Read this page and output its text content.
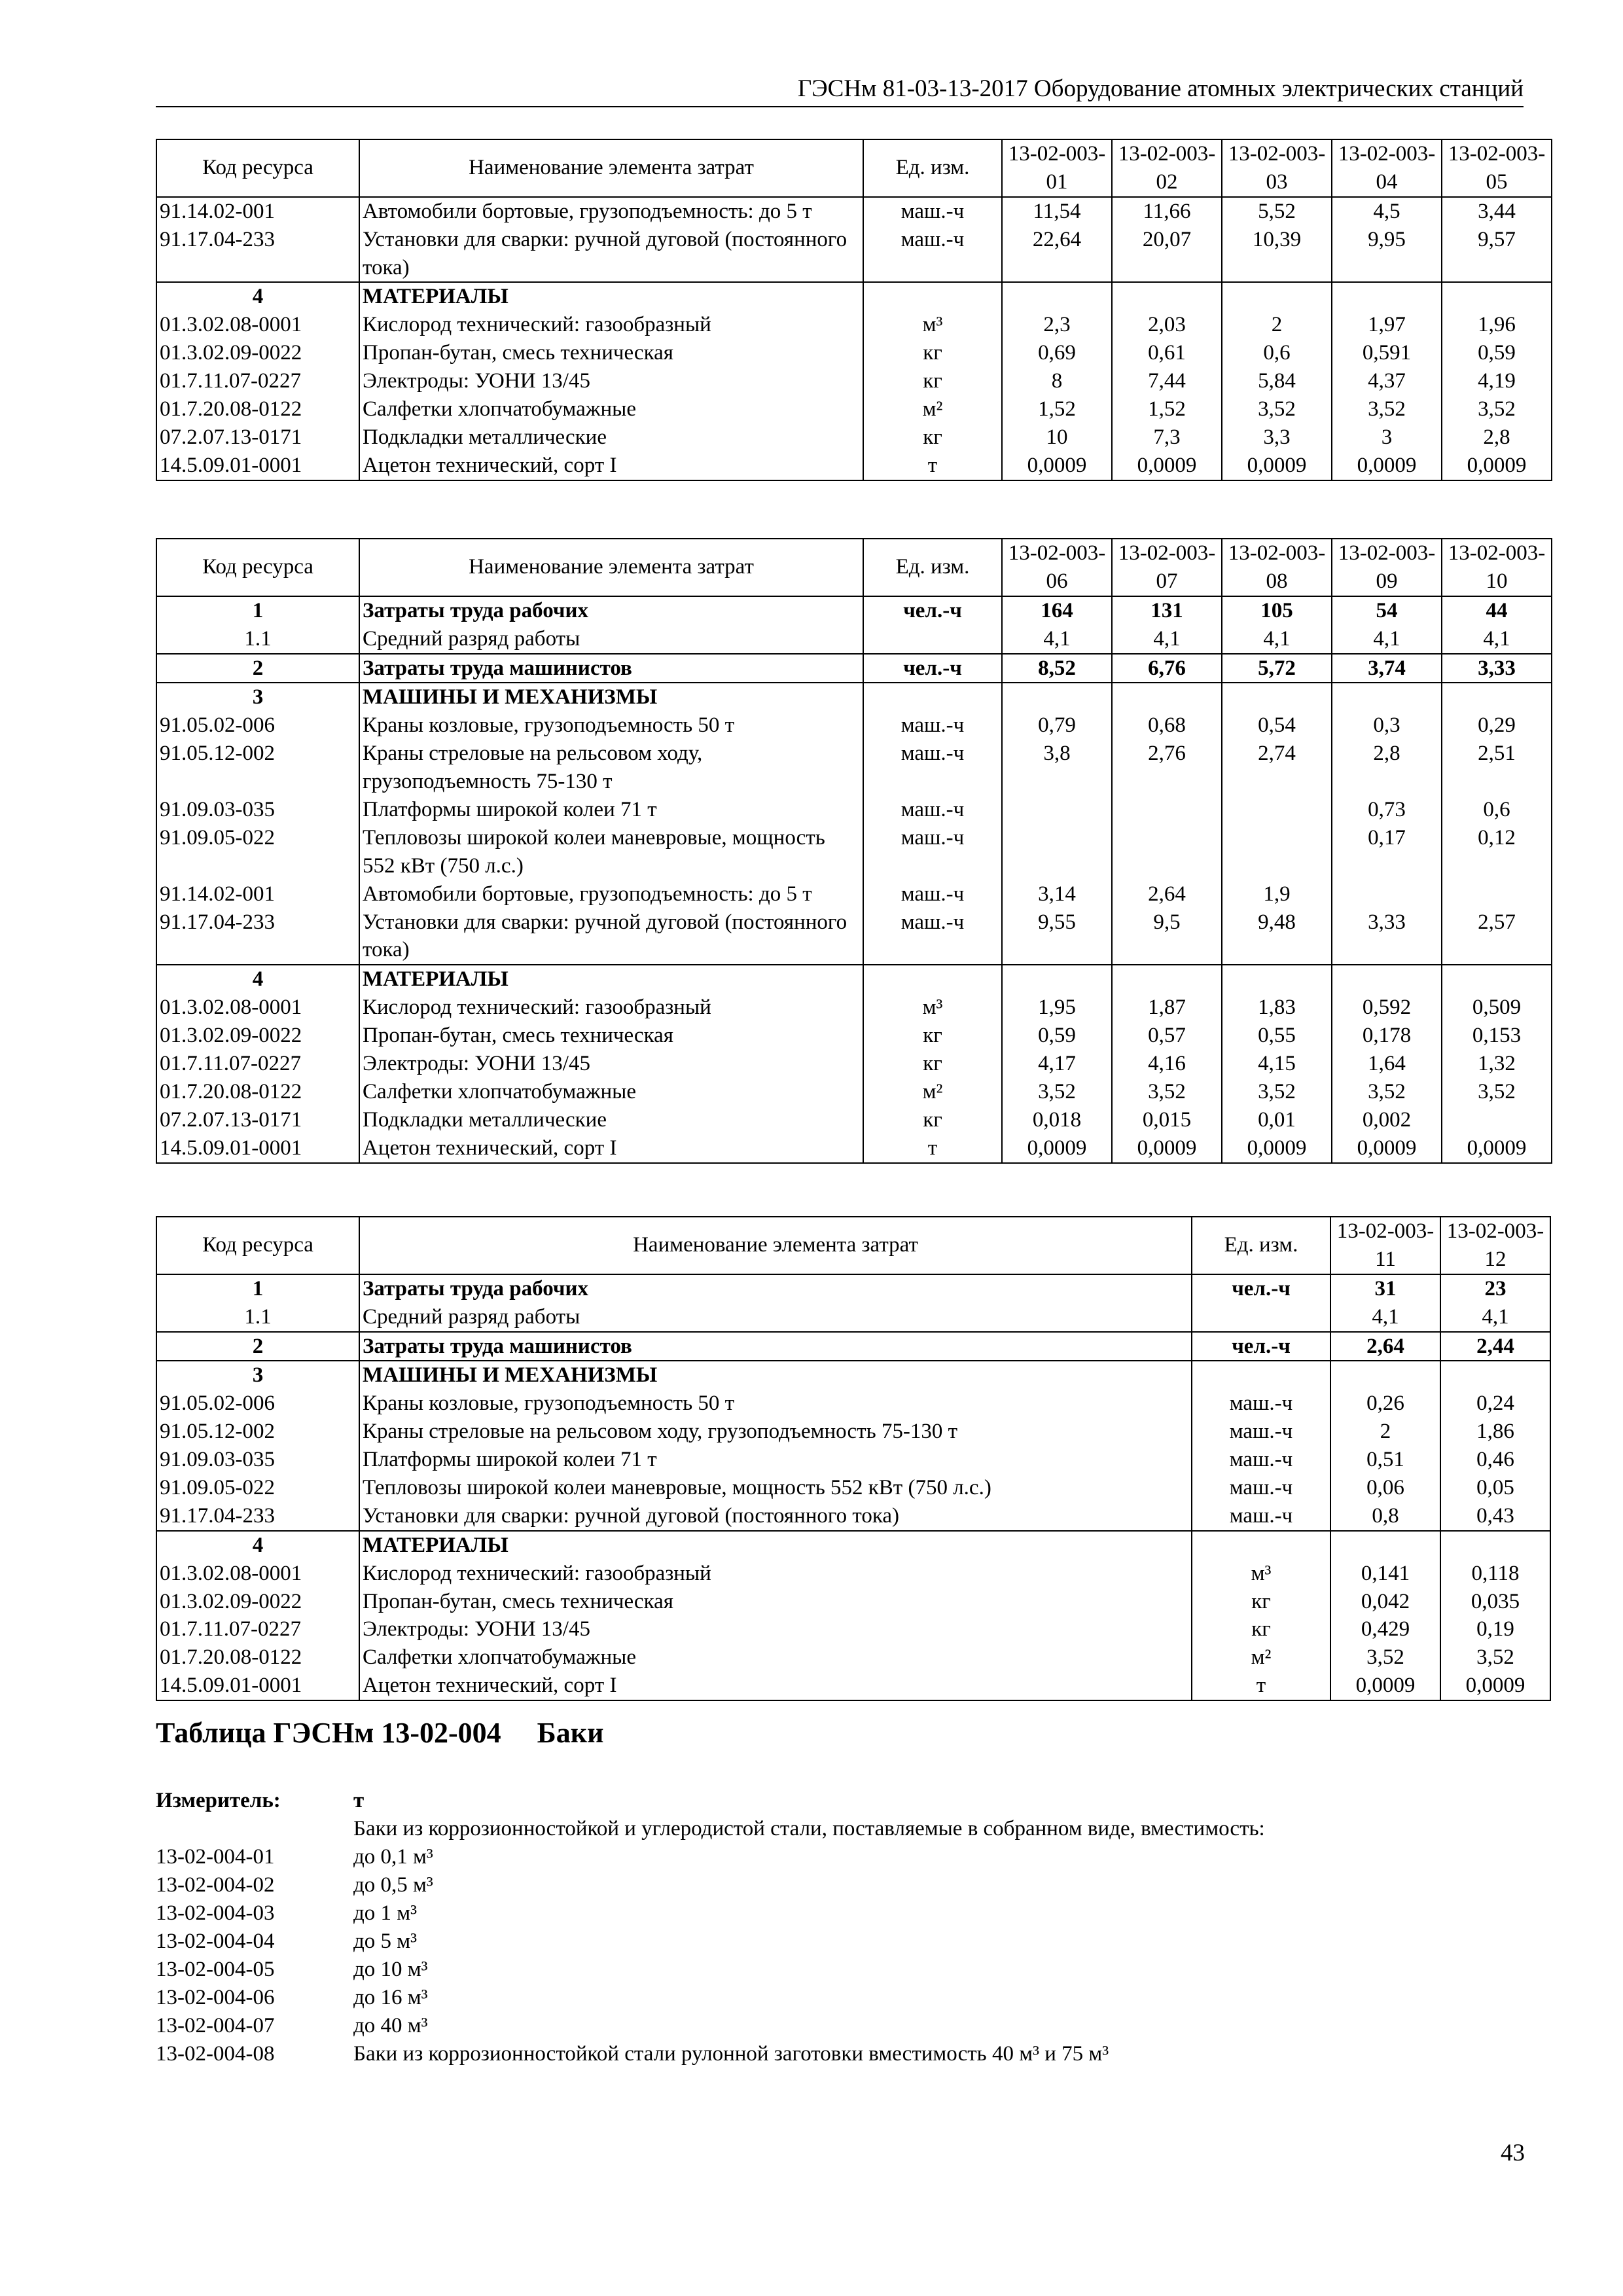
ГЭСНм 81-03-13-2017 Оборудование атомных электрических станций
Код ресурса	Наименование элемента затрат	Ед. изм.	13-02-003-01	13-02-003-02	13-02-003-03	13-02-003-04	13-02-003-05
91.14.02-001	Автомобили бортовые, грузоподъемность: до 5 т	маш.-ч	11,54	11,66	5,52	4,5	3,44
91.17.04-233	Установки для сварки: ручной дуговой (постоянного тока)	маш.-ч	22,64	20,07	10,39	9,95	9,57
4	МАТЕРИАЛЫ						
01.3.02.08-0001	Кислород технический: газообразный	м³	2,3	2,03	2	1,97	1,96
01.3.02.09-0022	Пропан-бутан, смесь техническая	кг	0,69	0,61	0,6	0,591	0,59
01.7.11.07-0227	Электроды: УОНИ 13/45	кг	8	7,44	5,84	4,37	4,19
01.7.20.08-0122	Салфетки хлопчатобумажные	м²	1,52	1,52	3,52	3,52	3,52
07.2.07.13-0171	Подкладки металлические	кг	10	7,3	3,3	3	2,8
14.5.09.01-0001	Ацетон технический, сорт I	т	0,0009	0,0009	0,0009	0,0009	0,0009
Код ресурса	Наименование элемента затрат	Ед. изм.	13-02-003-06	13-02-003-07	13-02-003-08	13-02-003-09	13-02-003-10
1	Затраты труда рабочих	чел.-ч	164	131	105	54	44
1.1	Средний разряд работы		4,1	4,1	4,1	4,1	4,1
2	Затраты труда машинистов	чел.-ч	8,52	6,76	5,72	3,74	3,33
3	МАШИНЫ И МЕХАНИЗМЫ						
91.05.02-006	Краны козловые, грузоподъемность 50 т	маш.-ч	0,79	0,68	0,54	0,3	0,29
91.05.12-002	Краны стреловые на рельсовом ходу, грузоподъемность 75-130 т	маш.-ч	3,8	2,76	2,74	2,8	2,51
91.09.03-035	Платформы широкой колеи 71 т	маш.-ч				0,73	0,6
91.09.05-022	Тепловозы широкой колеи маневровые, мощность 552 кВт (750 л.с.)	маш.-ч				0,17	0,12
91.14.02-001	Автомобили бортовые, грузоподъемность: до 5 т	маш.-ч	3,14	2,64	1,9		
91.17.04-233	Установки для сварки: ручной дуговой (постоянного тока)	маш.-ч	9,55	9,5	9,48	3,33	2,57
4	МАТЕРИАЛЫ						
01.3.02.08-0001	Кислород технический: газообразный	м³	1,95	1,87	1,83	0,592	0,509
01.3.02.09-0022	Пропан-бутан, смесь техническая	кг	0,59	0,57	0,55	0,178	0,153
01.7.11.07-0227	Электроды: УОНИ 13/45	кг	4,17	4,16	4,15	1,64	1,32
01.7.20.08-0122	Салфетки хлопчатобумажные	м²	3,52	3,52	3,52	3,52	3,52
07.2.07.13-0171	Подкладки металлические	кг	0,018	0,015	0,01	0,002	
14.5.09.01-0001	Ацетон технический, сорт I	т	0,0009	0,0009	0,0009	0,0009	0,0009
Код ресурса	Наименование элемента затрат	Ед. изм.	13-02-003-11	13-02-003-12
1	Затраты труда рабочих	чел.-ч	31	23
1.1	Средний разряд работы		4,1	4,1
2	Затраты труда машинистов	чел.-ч	2,64	2,44
3	МАШИНЫ И МЕХАНИЗМЫ			
91.05.02-006	Краны козловые, грузоподъемность 50 т	маш.-ч	0,26	0,24
91.05.12-002	Краны стреловые на рельсовом ходу, грузоподъемность 75-130 т	маш.-ч	2	1,86
91.09.03-035	Платформы широкой колеи 71 т	маш.-ч	0,51	0,46
91.09.05-022	Тепловозы широкой колеи маневровые, мощность 552 кВт (750 л.с.)	маш.-ч	0,06	0,05
91.17.04-233	Установки для сварки: ручной дуговой (постоянного тока)	маш.-ч	0,8	0,43
4	МАТЕРИАЛЫ			
01.3.02.08-0001	Кислород технический: газообразный	м³	0,141	0,118
01.3.02.09-0022	Пропан-бутан, смесь техническая	кг	0,042	0,035
01.7.11.07-0227	Электроды: УОНИ 13/45	кг	0,429	0,19
01.7.20.08-0122	Салфетки хлопчатобумажные	м²	3,52	3,52
14.5.09.01-0001	Ацетон технический, сорт I	т	0,0009	0,0009
Таблица ГЭСНм 13-02-004 Баки
Измеритель:	т
Баки из коррозионностойкой и углеродистой стали, поставляемые в собранном виде, вместимость:
13-02-004-01	до 0,1 м³
13-02-004-02	до 0,5 м³
13-02-004-03	до 1 м³
13-02-004-04	до 5 м³
13-02-004-05	до 10 м³
13-02-004-06	до 16 м³
13-02-004-07	до 40 м³
13-02-004-08	Баки из коррозионностойкой стали рулонной заготовки вместимость 40 м³ и 75 м³
43
